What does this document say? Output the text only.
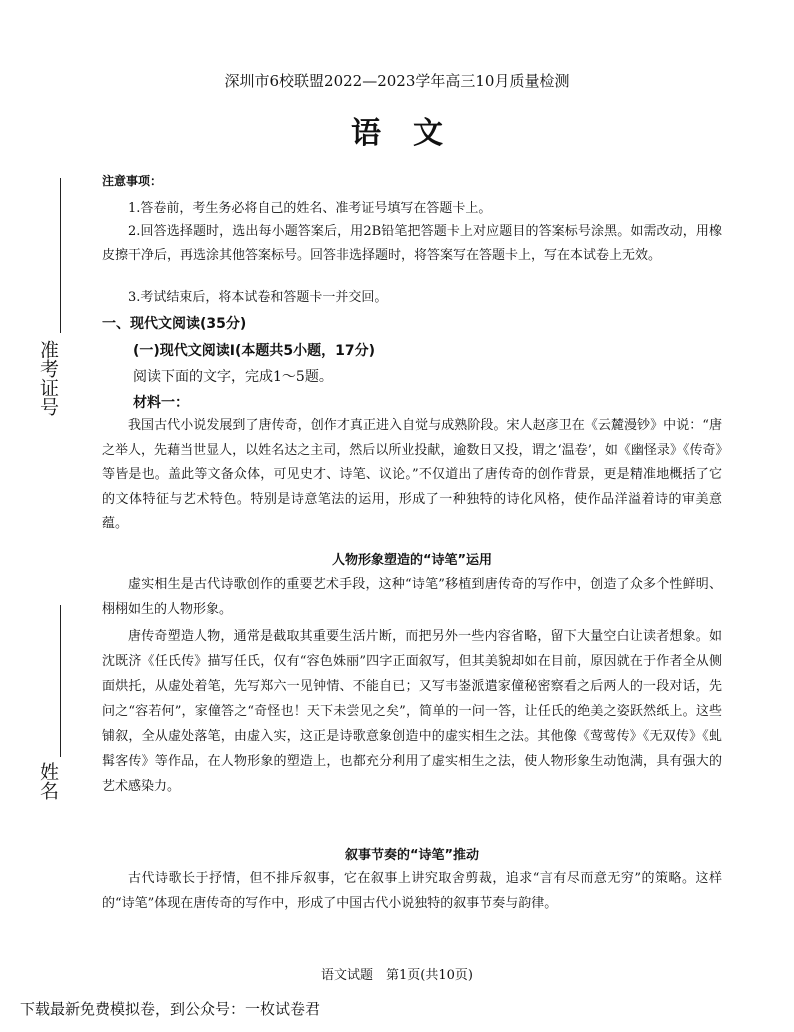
深圳市6校联盟2022—2023学年高三10月质量检测
语文
准考证号
姓名
注意事项：
1.答卷前，考生务必将自己的姓名、准考证号填写在答题卡上。
2.回答选择题时，选出每小题答案后，用2B铅笔把答题卡上对应题目的答案标号涂黑。如需改动，用橡皮擦干净后，再选涂其他答案标号。回答非选择题时，将答案写在答题卡上，写在本试卷上无效。
3.考试结束后，将本试卷和答题卡一并交回。
一、现代文阅读(35分)
(一)现代文阅读Ⅰ(本题共5小题，17分)
阅读下面的文字，完成1～5题。
材料一：
我国古代小说发展到了唐传奇，创作才真正进入自觉与成熟阶段。宋人赵彦卫在《云麓漫钞》中说：“唐之举人，先藉当世显人，以姓名达之主司，然后以所业投献，逾数日又投，谓之‘温卷’，如《幽怪录》《传奇》等皆是也。盖此等文备众体，可见史才、诗笔、议论。”不仅道出了唐传奇的创作背景，更是精准地概括了它的文体特征与艺术特色。特别是诗意笔法的运用，形成了一种独特的诗化风格，使作品洋溢着诗的审美意蕴。
人物形象塑造的“诗笔”运用
虚实相生是古代诗歌创作的重要艺术手段，这种“诗笔”移植到唐传奇的写作中，创造了众多个性鲜明、栩栩如生的人物形象。
唐传奇塑造人物，通常是截取其重要生活片断，而把另外一些内容省略，留下大量空白让读者想象。如沈既济《任氏传》描写任氏，仅有“容色姝丽”四字正面叙写，但其美貌却如在目前，原因就在于作者全从侧面烘托，从虚处着笔，先写郑六一见钟情、不能自已；又写韦崟派遣家僮秘密察看之后两人的一段对话，先问之“容若何”，家僮答之“奇怪也！天下未尝见之矣”，简单的一问一答，让任氏的绝美之姿跃然纸上。这些铺叙，全从虚处落笔，由虚入实，这正是诗歌意象创造中的虚实相生之法。其他像《莺莺传》《无双传》《虬髯客传》等作品，在人物形象的塑造上，也都充分利用了虚实相生之法，使人物形象生动饱满，具有强大的艺术感染力。
叙事节奏的“诗笔”推动
古代诗歌长于抒情，但不排斥叙事，它在叙事上讲究取舍剪裁，追求“言有尽而意无穷”的策略。这样的“诗笔”体现在唐传奇的写作中，形成了中国古代小说独特的叙事节奏与韵律。
语文试题　第1页(共10页)
下载最新免费模拟卷，到公众号：一枚试卷君
